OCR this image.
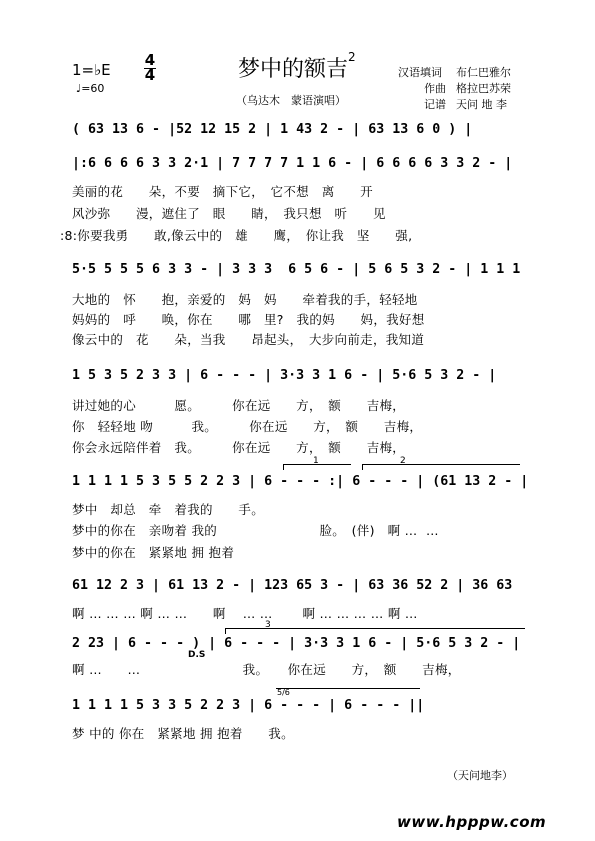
1=♭E
4
4
♩=60
梦中的额吉$^2$
（乌达木　蒙语演唱）
汉语填词 布仁巴雅尔
作曲 格拉巴苏荣
记谱 天问 地 李
( 63 13 6 - |52 12 15 2 | 1 43 2 - | 63 13 6 0 ) |
|:6 6 6 6 3 3 2·1 | 7 7 7 7 1 1 6 - | 6 6 6 6 3 3 2 - |
美丽的花　　朵，不要　摘下它，　它不想　离　　开
风沙弥　　漫，遮住了　眼　　睛，　我只想　听　　见
:8:你要我勇　　敢,像云中的　雄　　鹰，　你让我　坚　　强,
5·5 5 5 5 6 3 3 - | 3 3 3  6 5 6 - | 5 6 5 3 2 - | 1 1 1
大地的　怀　　抱，亲爱的　妈　妈　　牵着我的手，轻轻地
妈妈的　呼　　唤，你在　　哪　里?　我的妈　　妈，我好想
像云中的　花　　朵，当我　　昂起头，　大步向前走，我知道
1 5 3 5 2 3 3 | 6 - - - | 3·3 3 1 6 - | 5·6 5 3 2 - |
讲过她的心　　　愿。　　　你在远　　方，　额　　吉梅，
你　轻轻地 吻　　　我。　　　你在远　　方，　额　　吉梅，
你会永远陪伴着　我。　　　你在远　　方，　额　　吉梅，
1	2
1 1 1 1 5 3 5 5 2 2 3 | 6 - - - :| 6 - - - | (61 13 2 - |
梦中　却总　牵　着我的　　手。
梦中的你在　亲吻着 我的　　　　　　　　脸。　(伴)　啊 …  …
梦中的你在　紧紧地 拥 抱着
61 12 2 3 | 61 13 2 - | 123 65 3 - | 63 36 52 2 | 36 63
啊 … … … 啊 … …　　啊　 … …　　 啊 … … … … 啊 …
3
2 23 | 6 - - - ) | 6 - - - | 3·3 3 1 6 - | 5·6 5 3 2 - |
D.S
啊 …　　…　　　　　　　　我。　　你在远　　方，　额　　吉梅，
5/6
1 1 1 1 5 3 3 5 2 2 3 | 6 - - - | 6 - - - ||
梦 中的 你在　紧紧地 拥 抱着　　我。
（天问地李）
www.hpppw.com
